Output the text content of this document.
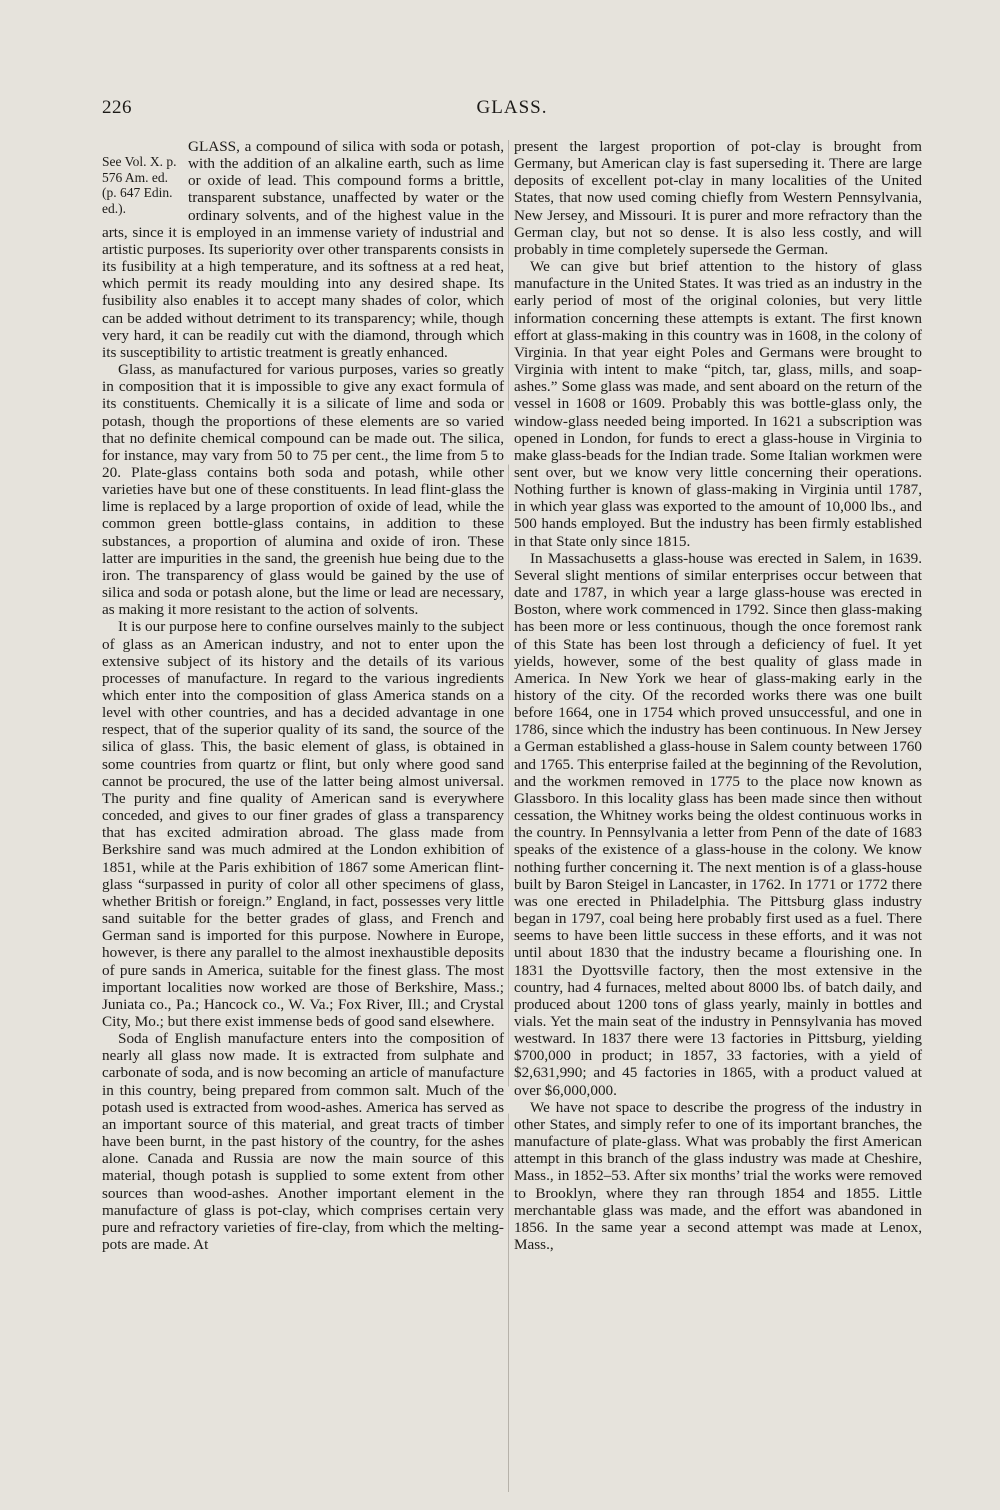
226	GLASS.

See Vol. X. p. 576 Am. ed. (p. 647 Edin. ed.).
GLASS, a compound of silica with soda or potash, with the addition of an alkaline earth, such as lime or oxide of lead. This compound forms a brittle, transparent substance, unaffected by water or the ordinary solvents, and of the highest value in the arts, since it is employed in an immense variety of industrial and artistic purposes. Its superiority over other transparents consists in its fusibility at a high temperature, and its softness at a red heat, which permit its ready moulding into any desired shape. Its fusibility also enables it to accept many shades of color, which can be added without detriment to its transparency; while, though very hard, it can be readily cut with the diamond, through which its susceptibility to artistic treatment is greatly enhanced.

Glass, as manufactured for various purposes, varies so greatly in composition that it is impossible to give any exact formula of its constituents. Chemically it is a silicate of lime and soda or potash, though the proportions of these elements are so varied that no definite chemical compound can be made out. The silica, for instance, may vary from 50 to 75 per cent., the lime from 5 to 20. Plate-glass contains both soda and potash, while other varieties have but one of these constituents. In lead flint-glass the lime is replaced by a large proportion of oxide of lead, while the common green bottle-glass contains, in addition to these substances, a proportion of alumina and oxide of iron. These latter are impurities in the sand, the greenish hue being due to the iron. The transparency of glass would be gained by the use of silica and soda or potash alone, but the lime or lead are necessary, as making it more resistant to the action of solvents.

It is our purpose here to confine ourselves mainly to the subject of glass as an American industry, and not to enter upon the extensive subject of its history and the details of its various processes of manufacture. In regard to the various ingredients which enter into the composition of glass America stands on a level with other countries, and has a decided advantage in one respect, that of the superior quality of its sand, the source of the silica of glass. This, the basic element of glass, is obtained in some countries from quartz or flint, but only where good sand cannot be procured, the use of the latter being almost universal. The purity and fine quality of American sand is everywhere conceded, and gives to our finer grades of glass a transparency that has excited admiration abroad. The glass made from Berkshire sand was much admired at the London exhibition of 1851, while at the Paris exhibition of 1867 some American flint-glass “surpassed in purity of color all other specimens of glass, whether British or foreign.” England, in fact, possesses very little sand suitable for the better grades of glass, and French and German sand is imported for this purpose. Nowhere in Europe, however, is there any parallel to the almost inexhaustible deposits of pure sands in America, suitable for the finest glass. The most important localities now worked are those of Berkshire, Mass.; Juniata co., Pa.; Hancock co., W. Va.; Fox River, Ill.; and Crystal City, Mo.; but there exist immense beds of good sand elsewhere.

Soda of English manufacture enters into the composition of nearly all glass now made. It is extracted from sulphate and carbonate of soda, and is now becoming an article of manufacture in this country, being prepared from common salt. Much of the potash used is extracted from wood-ashes. America has served as an important source of this material, and great tracts of timber have been burnt, in the past history of the country, for the ashes alone. Canada and Russia are now the main source of this material, though potash is supplied to some extent from other sources than wood-ashes. Another important element in the manufacture of glass is pot-clay, which comprises certain very pure and refractory varieties of fire-clay, from which the melting-pots are made. At

present the largest proportion of pot-clay is brought from Germany, but American clay is fast superseding it. There are large deposits of excellent pot-clay in many localities of the United States, that now used coming chiefly from Western Pennsylvania, New Jersey, and Missouri. It is purer and more refractory than the German clay, but not so dense. It is also less costly, and will probably in time completely supersede the German.

We can give but brief attention to the history of glass manufacture in the United States. It was tried as an industry in the early period of most of the original colonies, but very little information concerning these attempts is extant. The first known effort at glass-making in this country was in 1608, in the colony of Virginia. In that year eight Poles and Germans were brought to Virginia with intent to make “pitch, tar, glass, mills, and soap-ashes.” Some glass was made, and sent aboard on the return of the vessel in 1608 or 1609. Probably this was bottle-glass only, the window-glass needed being imported. In 1621 a subscription was opened in London, for funds to erect a glass-house in Virginia to make glass-beads for the Indian trade. Some Italian workmen were sent over, but we know very little concerning their operations. Nothing further is known of glass-making in Virginia until 1787, in which year glass was exported to the amount of 10,000 lbs., and 500 hands employed. But the industry has been firmly established in that State only since 1815.

In Massachusetts a glass-house was erected in Salem, in 1639. Several slight mentions of similar enterprises occur between that date and 1787, in which year a large glass-house was erected in Boston, where work commenced in 1792. Since then glass-making has been more or less continuous, though the once foremost rank of this State has been lost through a deficiency of fuel. It yet yields, however, some of the best quality of glass made in America. In New York we hear of glass-making early in the history of the city. Of the recorded works there was one built before 1664, one in 1754 which proved unsuccessful, and one in 1786, since which the industry has been continuous. In New Jersey a German established a glass-house in Salem county between 1760 and 1765. This enterprise failed at the beginning of the Revolution, and the workmen removed in 1775 to the place now known as Glassboro. In this locality glass has been made since then without cessation, the Whitney works being the oldest continuous works in the country. In Pennsylvania a letter from Penn of the date of 1683 speaks of the existence of a glass-house in the colony. We know nothing further concerning it. The next mention is of a glass-house built by Baron Steigel in Lancaster, in 1762. In 1771 or 1772 there was one erected in Philadelphia. The Pittsburg glass industry began in 1797, coal being here probably first used as a fuel. There seems to have been little success in these efforts, and it was not until about 1830 that the industry became a flourishing one. In 1831 the Dyottsville factory, then the most extensive in the country, had 4 furnaces, melted about 8000 lbs. of batch daily, and produced about 1200 tons of glass yearly, mainly in bottles and vials. Yet the main seat of the industry in Pennsylvania has moved westward. In 1837 there were 13 factories in Pittsburg, yielding $700,000 in product; in 1857, 33 factories, with a yield of $2,631,990; and 45 factories in 1865, with a product valued at over $6,000,000.

We have not space to describe the progress of the industry in other States, and simply refer to one of its important branches, the manufacture of plate-glass. What was probably the first American attempt in this branch of the glass industry was made at Cheshire, Mass., in 1852–53. After six months’ trial the works were removed to Brooklyn, where they ran through 1854 and 1855. Little merchantable glass was made, and the effort was abandoned in 1856. In the same year a second attempt was made at Lenox, Mass.,
